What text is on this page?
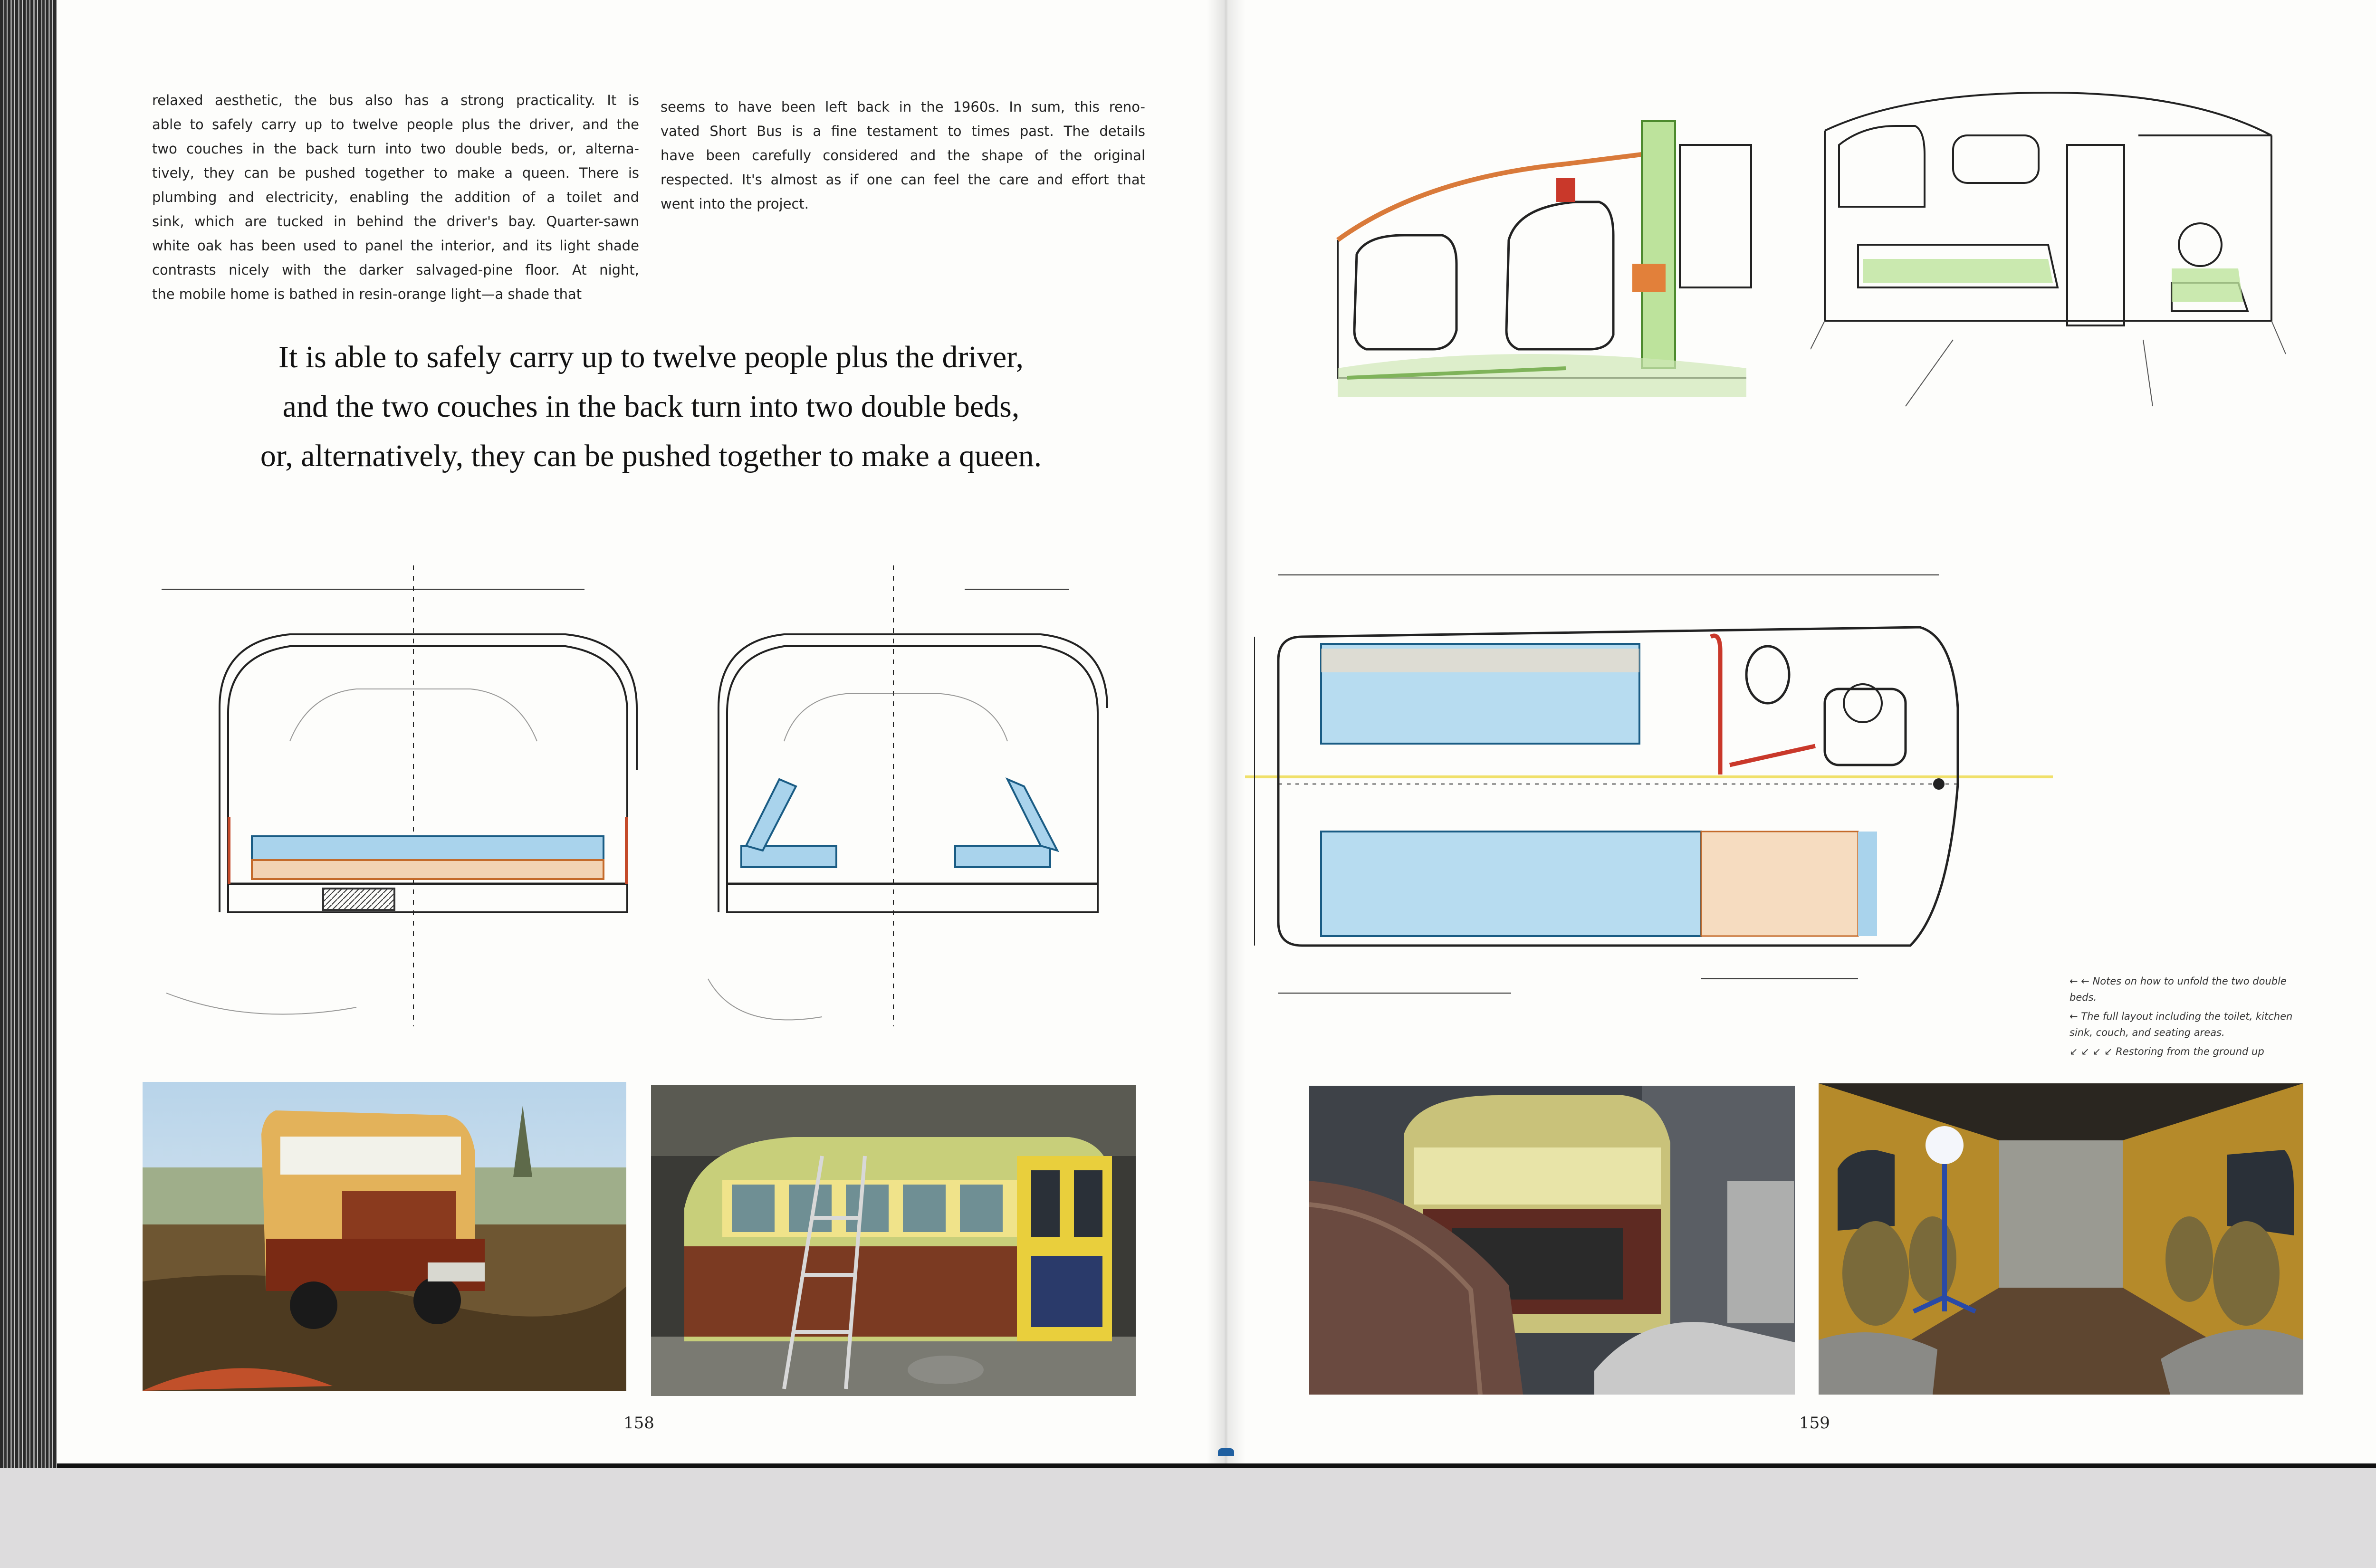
relaxed aesthetic, the bus also has a strong practicality. It is
able to safely carry up to twelve people plus the driver, and the
two couches in the back turn into two double beds, or, alterna-
tively, they can be pushed together to make a queen. There is
plumbing and electricity, enabling the addition of a toilet and
sink, which are tucked in behind the driver's bay. Quarter-sawn
white oak has been used to panel the interior, and its light shade
contrasts nicely with the darker salvaged-pine floor. At night,
the mobile home is bathed in resin-orange light—a shade that
seems to have been left back in the 1960s. In sum, this reno-
vated Short Bus is a fine testament to times past. The details
have been carefully considered and the shape of the original
respected. It's almost as if one can feel the care and effort that
went into the project.
It is able to safely carry up to twelve people plus the driver,
and the two couches in the back turn into two double beds,
or, alternatively, they can be pushed together to make a queen.
158	159
← ← Notes on how to unfold the two double beds.
← The full layout including the toilet, kitchen sink, couch, and seating areas.
↙ ↙ ↙ ↙ Restoring from the ground up
